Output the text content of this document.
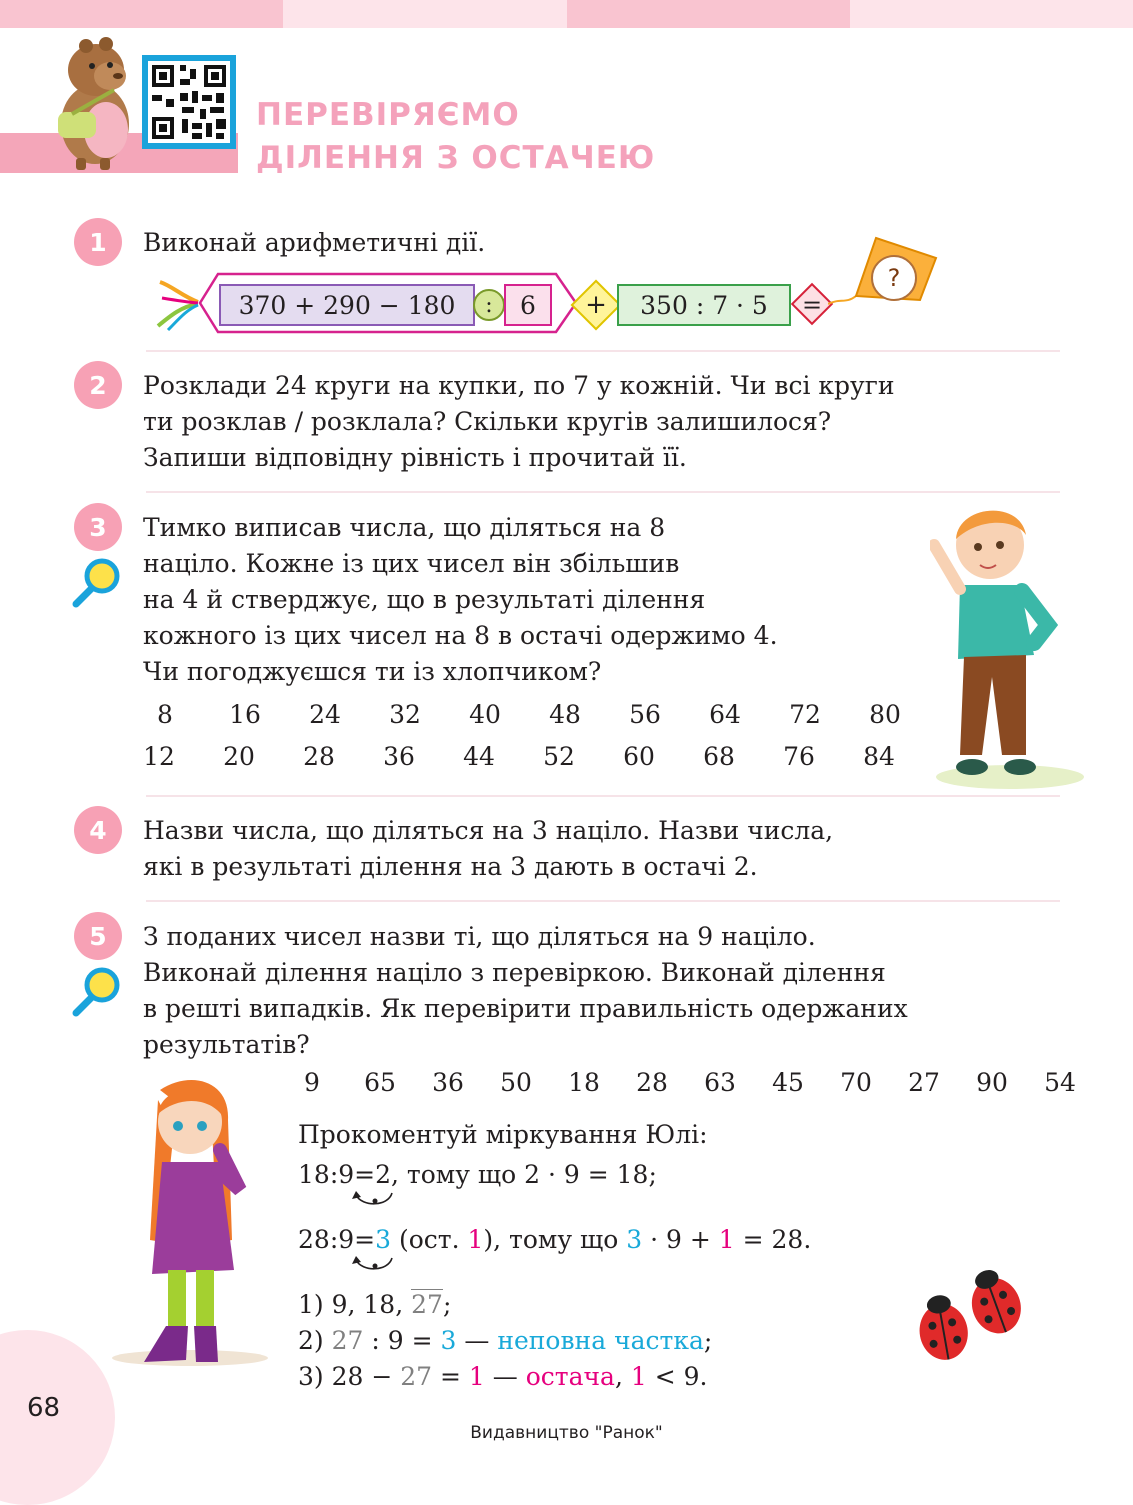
ПЕРЕВІРЯЄМО
ДІЛЕННЯ З ОСТАЧЕЮ
1	Виконай арифметичні дії.
370 + 290 − 180	:	6	+	350 : 7 · 5	=
?
2	Розклади 24 круги на купки, по 7 у кожній. Чи всі круги
ти розклав / розклала? Скільки кругів залишилося?
Запиши відповідну рівність і прочитай її.
3	Тимко виписав числа, що діляться на 8
націло. Кожне із цих чисел він збільшив
на 4 й стверджує, що в результаті ділення
кожного із цих чисел на 8 в остачі одержимо 4.
Чи погоджуєшся ти із хлопчиком?
8	16	24	32	40	48	56	64	72	80
12	20	28	36	44	52	60	68	76	84
4	Назви числа, що діляться на 3 націло. Назви числа,
які в результаті ділення на 3 дають в остачі 2.
5	З поданих чисел назви ті, що діляться на 9 націло.
Виконай ділення націло з перевіркою. Виконай ділення
в решті випадків. Як перевірити правильність одержаних
результатів?
9	65	36	50	18	28	63	45	70	27	90	54
Прокоментуй міркування Юлі:
18:9=2, тому що 2 · 9 = 18;
28:9=3 (ост. 1), тому що 3 · 9 + 1 = 28.
1) 9, 18, 27;
2) 27 : 9 = 3 — неповна частка;
3) 28 − 27 = 1 — остача, 1 < 9.
68
Видавництво "Ранок"
